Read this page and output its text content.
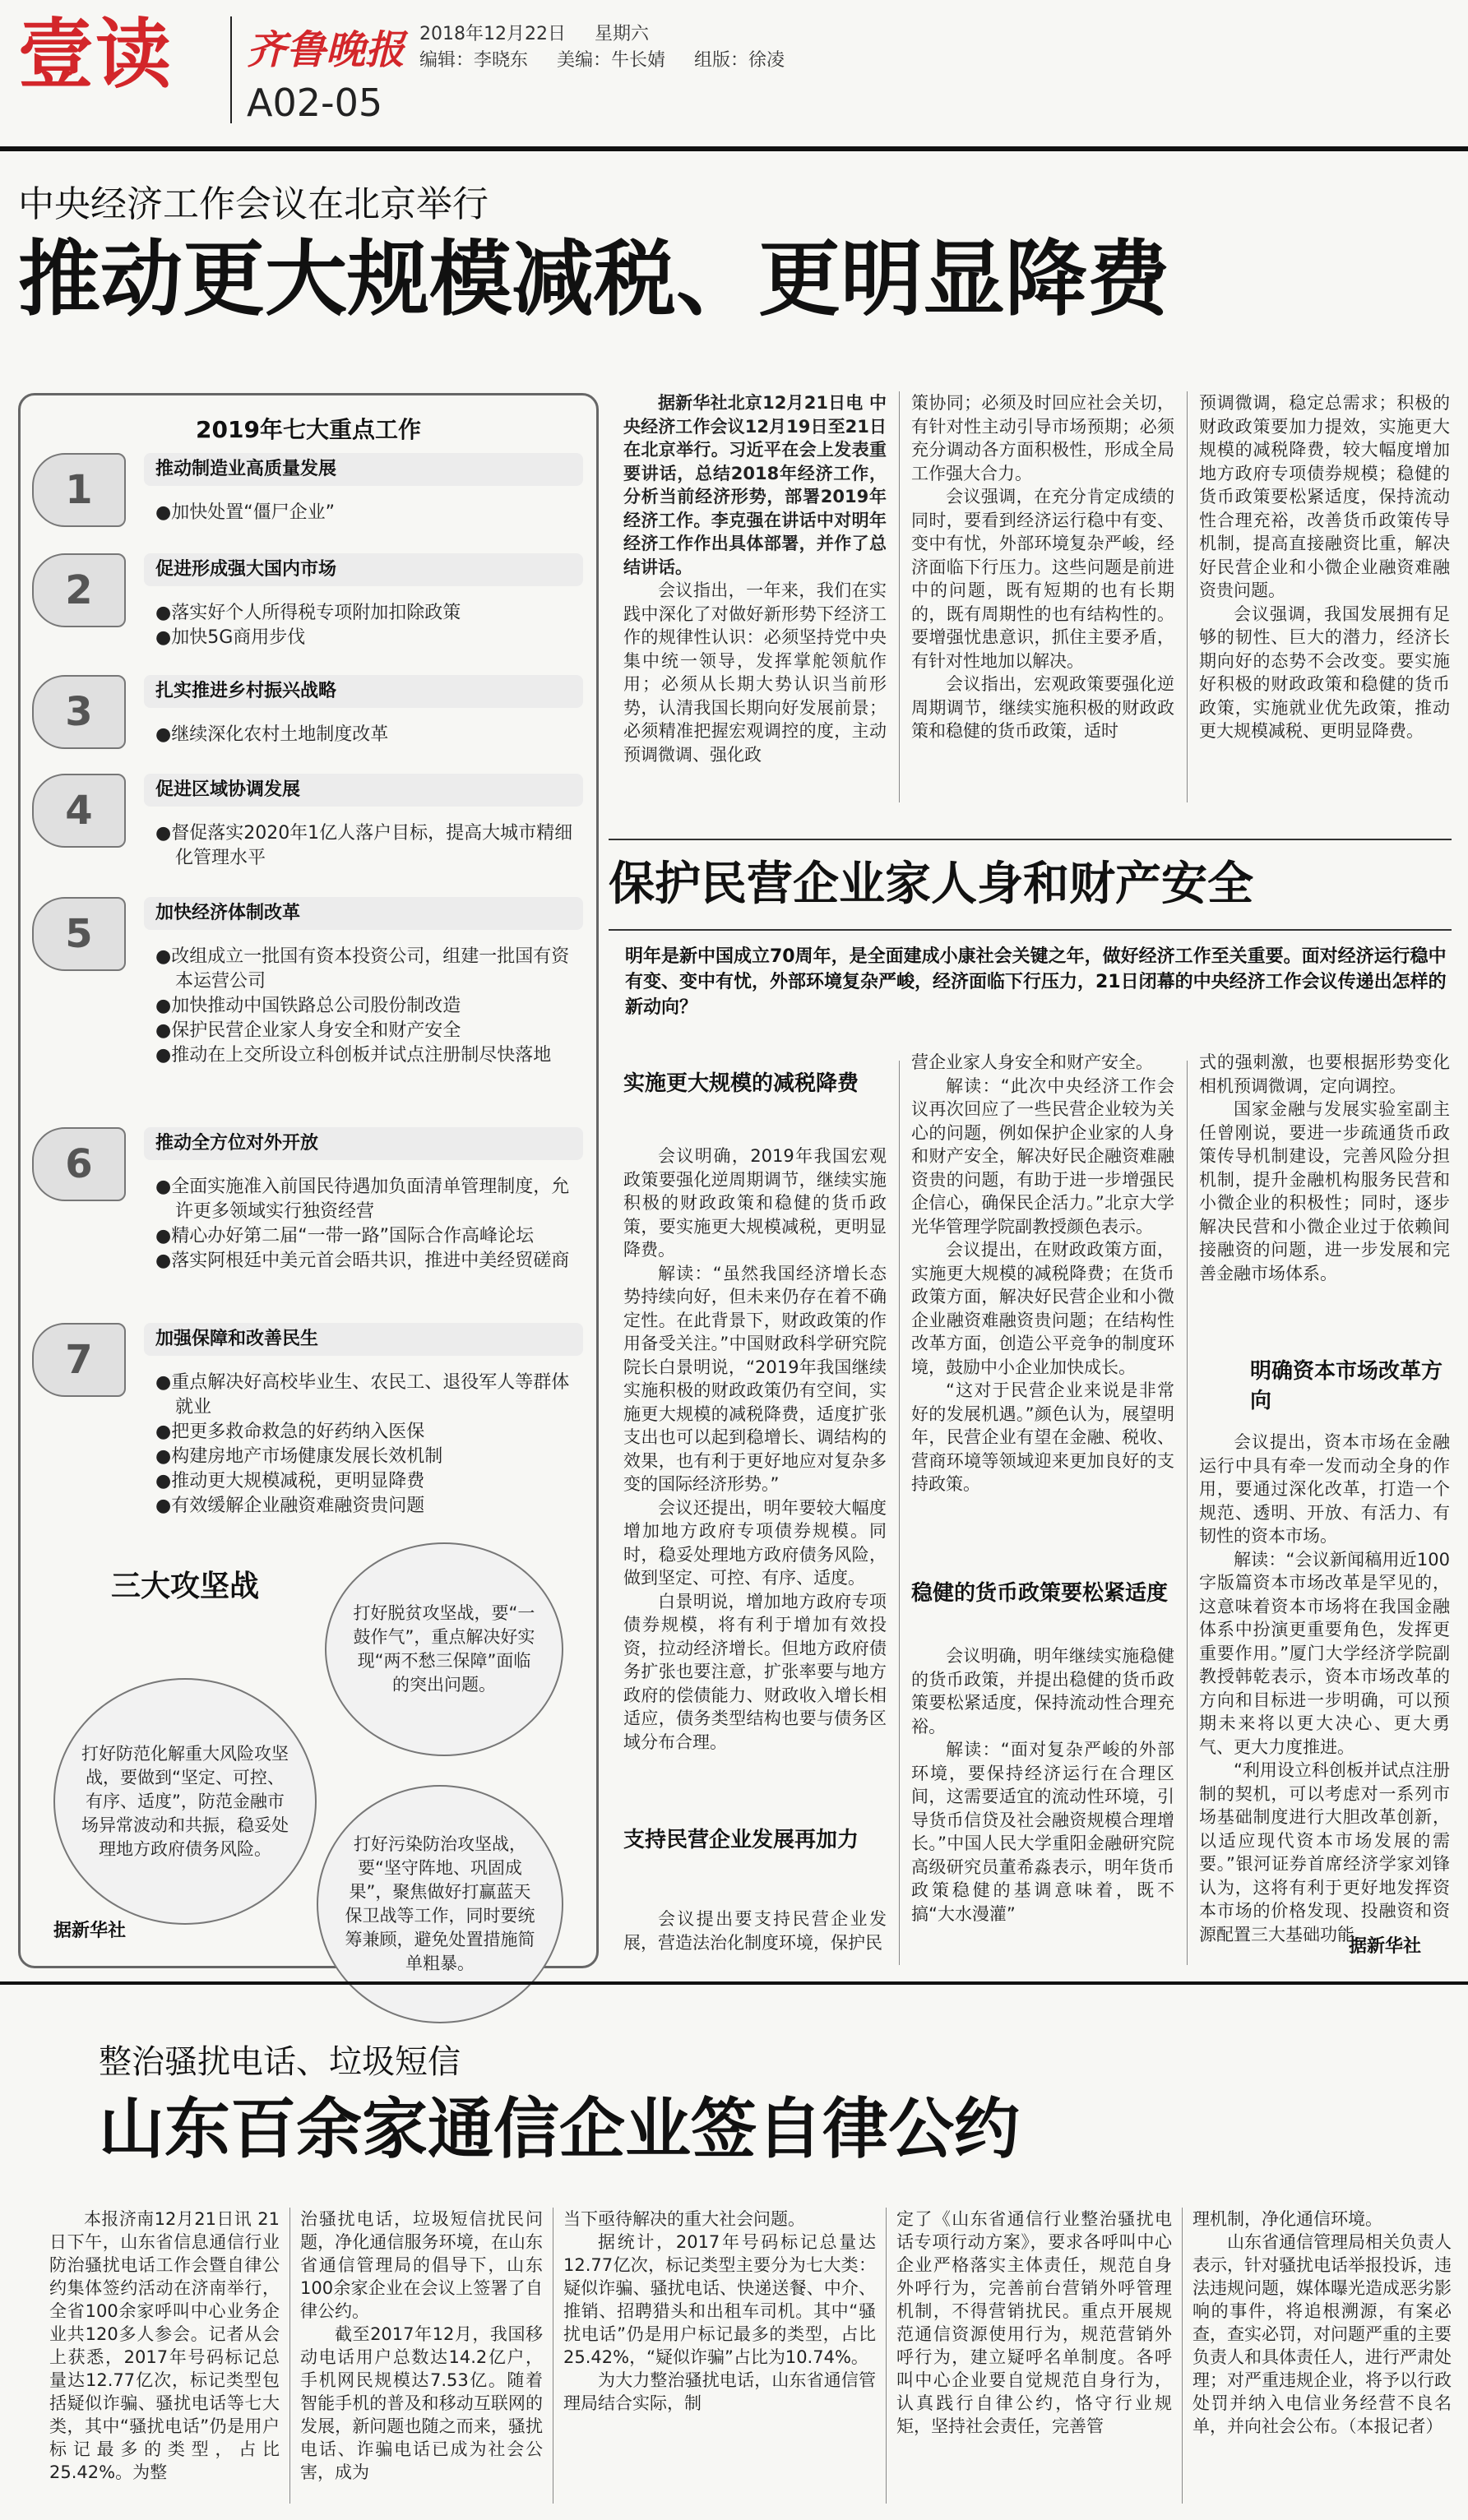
壹读 齐鲁晚报 2018年12月22日 星期六
编辑：李晓东 美编：牛长婧 组版：徐凌
A02-05
中央经济工作会议在北京举行
推动更大规模减税、更明显降费
2019年七大重点工作
1	推动制造业高质量发展
●加快处置“僵尸企业”
2	促进形成强大国内市场
●落实好个人所得税专项附加扣除政策
●加快5G商用步伐
3	扎实推进乡村振兴战略
●继续深化农村土地制度改革
4	促进区域协调发展
●督促落实2020年1亿人落户目标，提高大城市精细化管理水平
5	加快经济体制改革
●改组成立一批国有资本投资公司，组建一批国有资本运营公司
●加快推动中国铁路总公司股份制改造
●保护民营企业家人身安全和财产安全
●推动在上交所设立科创板并试点注册制尽快落地
6	推动全方位对外开放
●全面实施准入前国民待遇加负面清单管理制度，允许更多领域实行独资经营
●精心办好第二届“一带一路”国际合作高峰论坛
●落实阿根廷中美元首会晤共识，推进中美经贸磋商
7	加强保障和改善民生
●重点解决好高校毕业生、农民工、退役军人等群体就业
●把更多救命救急的好药纳入医保
●构建房地产市场健康发展长效机制
●推动更大规模减税，更明显降费
●有效缓解企业融资难融资贵问题
三大攻坚战
打好脱贫攻坚战，要“一鼓作气”，重点解决好实现“两不愁三保障”面临的突出问题。
打好防范化解重大风险攻坚战，要做到“坚定、可控、有序、适度”，防范金融市场异常波动和共振，稳妥处理地方政府债务风险。	打好污染防治攻坚战，要“坚守阵地、巩固成果”，聚焦做好打赢蓝天保卫战等工作，同时要统筹兼顾，避免处置措施简单粗暴。
据新华社

据新华社北京12月21日电 中央经济工作会议12月19日至21日在北京举行。习近平在会上发表重要讲话，总结2018年经济工作，分析当前经济形势，部署2019年经济工作。李克强在讲话中对明年经济工作作出具体部署，并作了总结讲话。

会议指出，一年来，我们在实践中深化了对做好新形势下经济工作的规律性认识：必须坚持党中央集中统一领导，发挥掌舵领航作用；必须从长期大势认识当前形势，认清我国长期向好发展前景；必须精准把握宏观调控的度，主动预调微调、强化政

策协同；必须及时回应社会关切，有针对性主动引导市场预期；必须充分调动各方面积极性，形成全局工作强大合力。

会议强调，在充分肯定成绩的同时，要看到经济运行稳中有变、变中有忧，外部环境复杂严峻，经济面临下行压力。这些问题是前进中的问题，既有短期的也有长期的，既有周期性的也有结构性的。要增强忧患意识，抓住主要矛盾，有针对性地加以解决。

会议指出，宏观政策要强化逆周期调节，继续实施积极的财政政策和稳健的货币政策，适时

预调微调，稳定总需求；积极的财政政策要加力提效，实施更大规模的减税降费，较大幅度增加地方政府专项债券规模；稳健的货币政策要松紧适度，保持流动性合理充裕，改善货币政策传导机制，提高直接融资比重，解决好民营企业和小微企业融资难融资贵问题。

会议强调，我国发展拥有足够的韧性、巨大的潜力，经济长期向好的态势不会改变。要实施好积极的财政政策和稳健的货币政策，实施就业优先政策，推动更大规模减税、更明显降费。

保护民营企业家人身和财产安全
明年是新中国成立70周年，是全面建成小康社会关键之年，做好经济工作至关重要。面对经济运行稳中有变、变中有忧，外部环境复杂严峻，经济面临下行压力，21日闭幕的中央经济工作会议传递出怎样的新动向？
实施更大规模的减税降费

会议明确，2019年我国宏观政策要强化逆周期调节，继续实施积极的财政政策和稳健的货币政策，要实施更大规模减税，更明显降费。

解读：“虽然我国经济增长态势持续向好，但未来仍存在着不确定性。在此背景下，财政政策的作用备受关注。”中国财政科学研究院院长白景明说，“2019年我国继续实施积极的财政政策仍有空间，实施更大规模的减税降费，适度扩张支出也可以起到稳增长、调结构的效果，也有利于更好地应对复杂多变的国际经济形势。”

会议还提出，明年要较大幅度增加地方政府专项债券规模。同时，稳妥处理地方政府债务风险，做到坚定、可控、有序、适度。

白景明说，增加地方政府专项债券规模，将有利于增加有效投资，拉动经济增长。但地方政府债务扩张也要注意，扩张率要与地方政府的偿债能力、财政收入增长相适应，债务类型结构也要与债务区域分布合理。

支持民营企业发展再加力

会议提出要支持民营企业发展，营造法治化制度环境，保护民

营企业家人身安全和财产安全。

解读：“此次中央经济工作会议再次回应了一些民营企业较为关心的问题，例如保护企业家的人身和财产安全，解决好民企融资难融资贵的问题，有助于进一步增强民企信心，确保民企活力。”北京大学光华管理学院副教授颜色表示。

会议提出，在财政政策方面，实施更大规模的减税降费；在货币政策方面，解决好民营企业和小微企业融资难融资贵问题；在结构性改革方面，创造公平竞争的制度环境，鼓励中小企业加快成长。

“这对于民营企业来说是非常好的发展机遇。”颜色认为，展望明年，民营企业有望在金融、税收、营商环境等领域迎来更加良好的支持政策。

稳健的货币政策要松紧适度

会议明确，明年继续实施稳健的货币政策，并提出稳健的货币政策要松紧适度，保持流动性合理充裕。

解读：“面对复杂严峻的外部环境，要保持经济运行在合理区间，这需要适宜的流动性环境，引导货币信贷及社会融资规模合理增长。”中国人民大学重阳金融研究院高级研究员董希淼表示，明年货币政策稳健的基调意味着，既不搞“大水漫灌”

式的强刺激，也要根据形势变化相机预调微调，定向调控。

国家金融与发展实验室副主任曾刚说，要进一步疏通货币政策传导机制建设，完善风险分担机制，提升金融机构服务民营和小微企业的积极性；同时，逐步解决民营和小微企业过于依赖间接融资的问题，进一步发展和完善金融市场体系。

明确资本市场改革方向

会议提出，资本市场在金融运行中具有牵一发而动全身的作用，要通过深化改革，打造一个规范、透明、开放、有活力、有韧性的资本市场。

解读：“会议新闻稿用近100字版篇资本市场改革是罕见的，这意味着资本市场将在我国金融体系中扮演更重要角色，发挥更重要作用。”厦门大学经济学院副教授韩乾表示，资本市场改革的方向和目标进一步明确，可以预期未来将以更大决心、更大勇气、更大力度推进。

“利用设立科创板并试点注册制的契机，可以考虑对一系列市场基础制度进行大胆改革创新，以适应现代资本市场发展的需要。”银河证券首席经济学家刘锋认为，这将有利于更好地发挥资本市场的价格发现、投融资和资源配置三大基础功能。

据新华社
整治骚扰电话、垃圾短信
山东百余家通信企业签自律公约

本报济南12月21日讯 21日下午，山东省信息通信行业防治骚扰电话工作会暨自律公约集体签约活动在济南举行，全省100余家呼叫中心业务企业共120多人参会。记者从会上获悉，2017年号码标记总量达12.77亿次，标记类型包括疑似诈骗、骚扰电话等七大类，其中“骚扰电话”仍是用户标记最多的类型，占比25.42%。为整

治骚扰电话，垃圾短信扰民问题，净化通信服务环境，在山东省通信管理局的倡导下，山东100余家企业在会议上签署了自律公约。

截至2017年12月，我国移动电话用户总数达14.2亿户，手机网民规模达7.53亿。随着智能手机的普及和移动互联网的发展，新问题也随之而来，骚扰电话、诈骗电话已成为社会公害，成为

当下亟待解决的重大社会问题。

据统计，2017年号码标记总量达12.77亿次，标记类型主要分为七大类：疑似诈骗、骚扰电话、快递送餐、中介、推销、招聘猎头和出租车司机。其中“骚扰电话”仍是用户标记最多的类型，占比25.42%，“疑似诈骗”占比为10.74%。

为大力整治骚扰电话，山东省通信管理局结合实际，制

定了《山东省通信行业整治骚扰电话专项行动方案》，要求各呼叫中心企业严格落实主体责任，规范自身外呼行为，完善前台营销外呼管理机制，不得营销扰民。重点开展规范通信资源使用行为，规范营销外呼行为，建立疑呼名单制度。各呼叫中心企业要自觉规范自身行为，认真践行自律公约，恪守行业规矩，坚持社会责任，完善管

理机制，净化通信环境。

山东省通信管理局相关负责人表示，针对骚扰电话举报投诉，违法违规问题，媒体曝光造成恶劣影响的事件，将追根溯源，有案必查，查实必罚，对问题严重的主要负责人和具体责任人，进行严肃处理；对严重违规企业，将予以行政处罚并纳入电信业务经营不良名单，并向社会公布。（本报记者）
